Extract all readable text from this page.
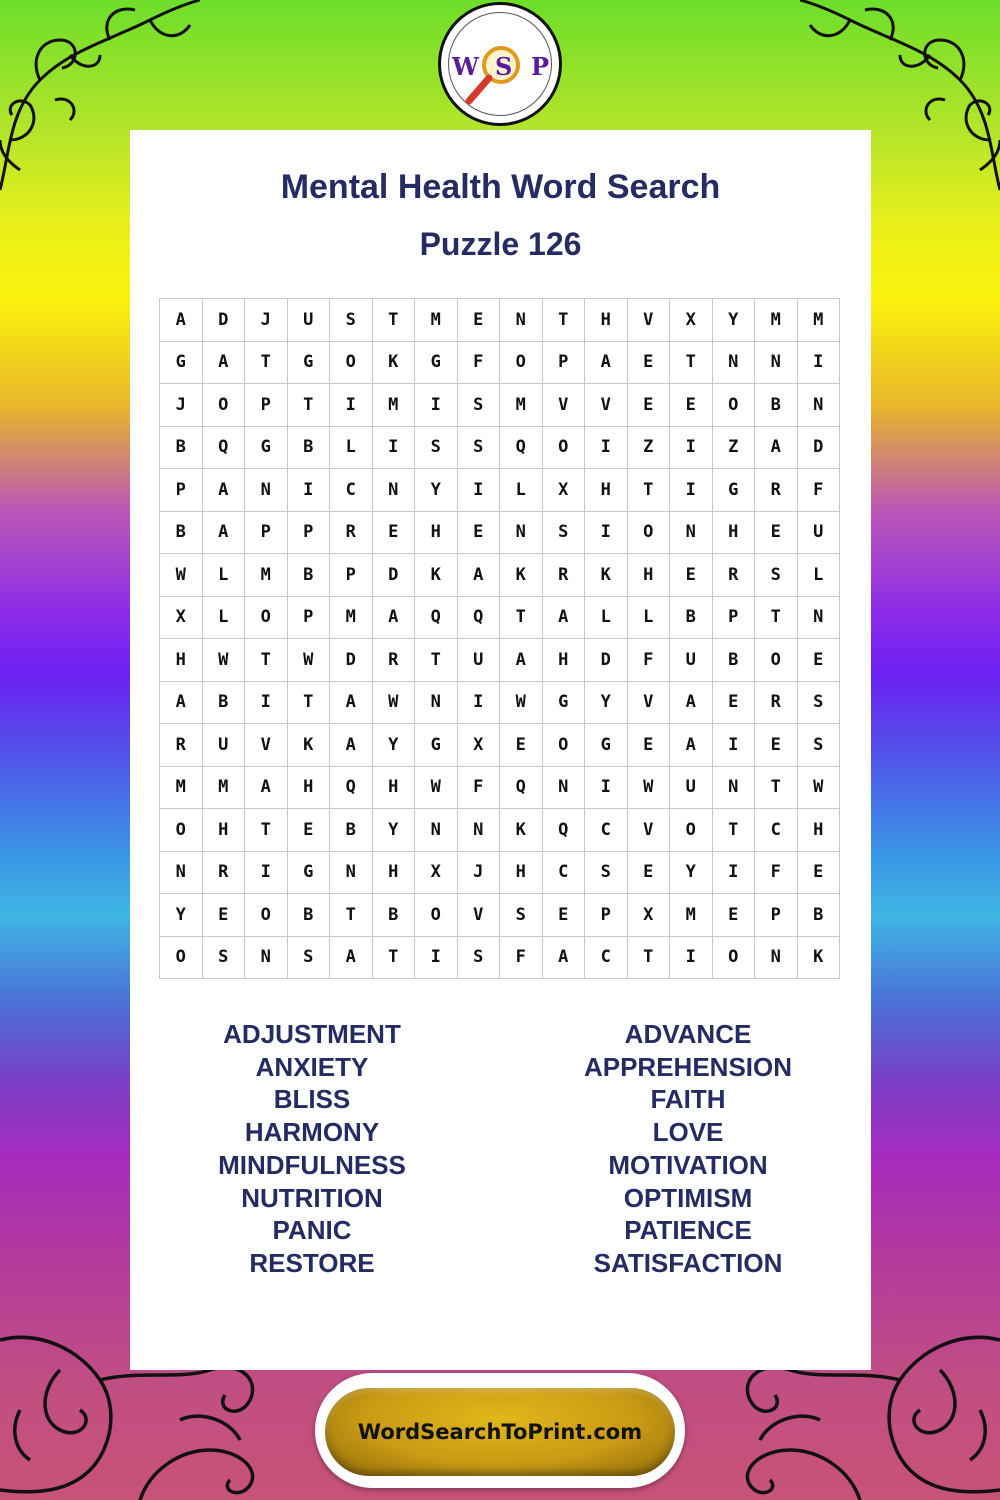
W S P
Mental Health Word Search
Puzzle 126
A	D	J	U	S	T	M	E	N	T	H	V	X	Y	M	M
G	A	T	G	O	K	G	F	O	P	A	E	T	N	N	I
J	O	P	T	I	M	I	S	M	V	V	E	E	O	B	N
B	Q	G	B	L	I	S	S	Q	O	I	Z	I	Z	A	D
P	A	N	I	C	N	Y	I	L	X	H	T	I	G	R	F
B	A	P	P	R	E	H	E	N	S	I	O	N	H	E	U
W	L	M	B	P	D	K	A	K	R	K	H	E	R	S	L
X	L	O	P	M	A	Q	Q	T	A	L	L	B	P	T	N
H	W	T	W	D	R	T	U	A	H	D	F	U	B	O	E
A	B	I	T	A	W	N	I	W	G	Y	V	A	E	R	S
R	U	V	K	A	Y	G	X	E	O	G	E	A	I	E	S
M	M	A	H	Q	H	W	F	Q	N	I	W	U	N	T	W
O	H	T	E	B	Y	N	N	K	Q	C	V	O	T	C	H
N	R	I	G	N	H	X	J	H	C	S	E	Y	I	F	E
Y	E	O	B	T	B	O	V	S	E	P	X	M	E	P	B
O	S	N	S	A	T	I	S	F	A	C	T	I	O	N	K
ADJUSTMENT
ANXIETY
BLISS
HARMONY
MINDFULNESS
NUTRITION
PANIC
RESTORE
ADVANCE
APPREHENSION
FAITH
LOVE
MOTIVATION
OPTIMISM
PATIENCE
SATISFACTION
WordSearchToPrint.com
